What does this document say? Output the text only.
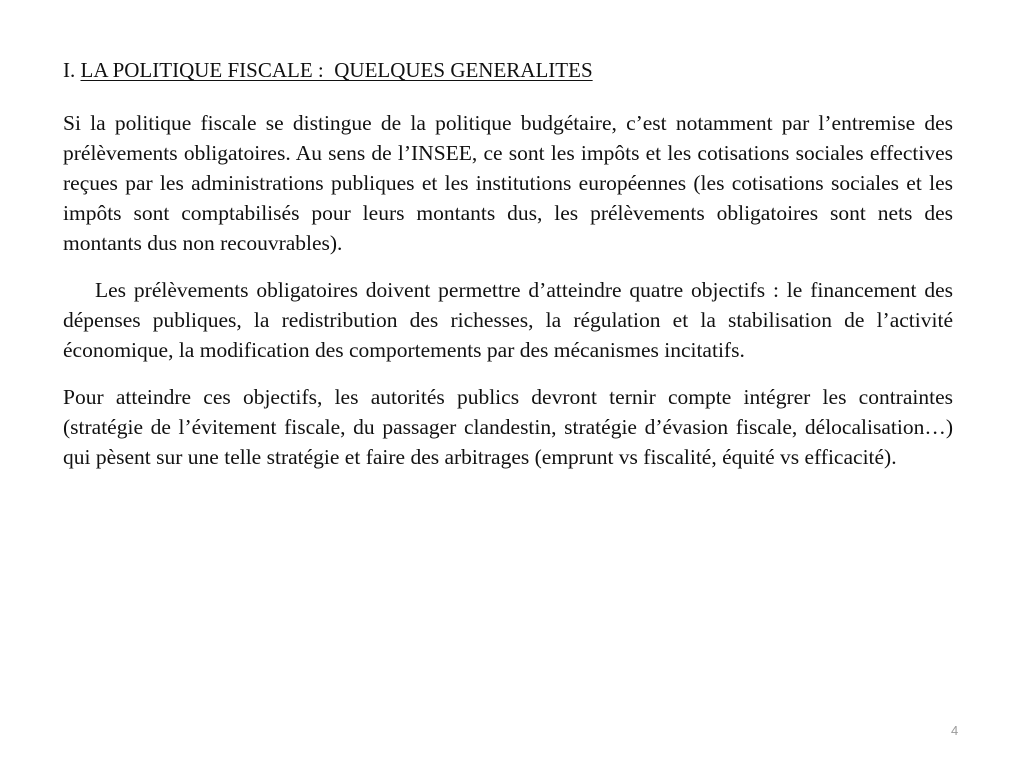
I. LA POLITIQUE FISCALE :  QUELQUES GENERALITES

Si la politique fiscale se distingue de la politique budgétaire, c’est notamment par l’entremise des prélèvements obligatoires. Au sens de l’INSEE, ce sont les impôts et les cotisations sociales effectives reçues par les administrations publiques et les institutions européennes (les cotisations sociales et les impôts sont comptabilisés pour leurs montants dus, les prélèvements obligatoires sont nets des montants dus non recouvrables).

Les prélèvements obligatoires doivent permettre d’atteindre quatre objectifs : le financement des dépenses publiques, la redistribution des richesses, la régulation et la stabilisation de l’activité économique, la modification des comportements par des mécanismes incitatifs.

Pour atteindre ces objectifs, les autorités publics devront ternir compte intégrer les contraintes (stratégie de l’évitement fiscale, du passager clandestin, stratégie d’évasion fiscale, délocalisation…) qui pèsent sur une telle stratégie et faire des arbitrages (emprunt vs fiscalité, équité vs efficacité).

4
